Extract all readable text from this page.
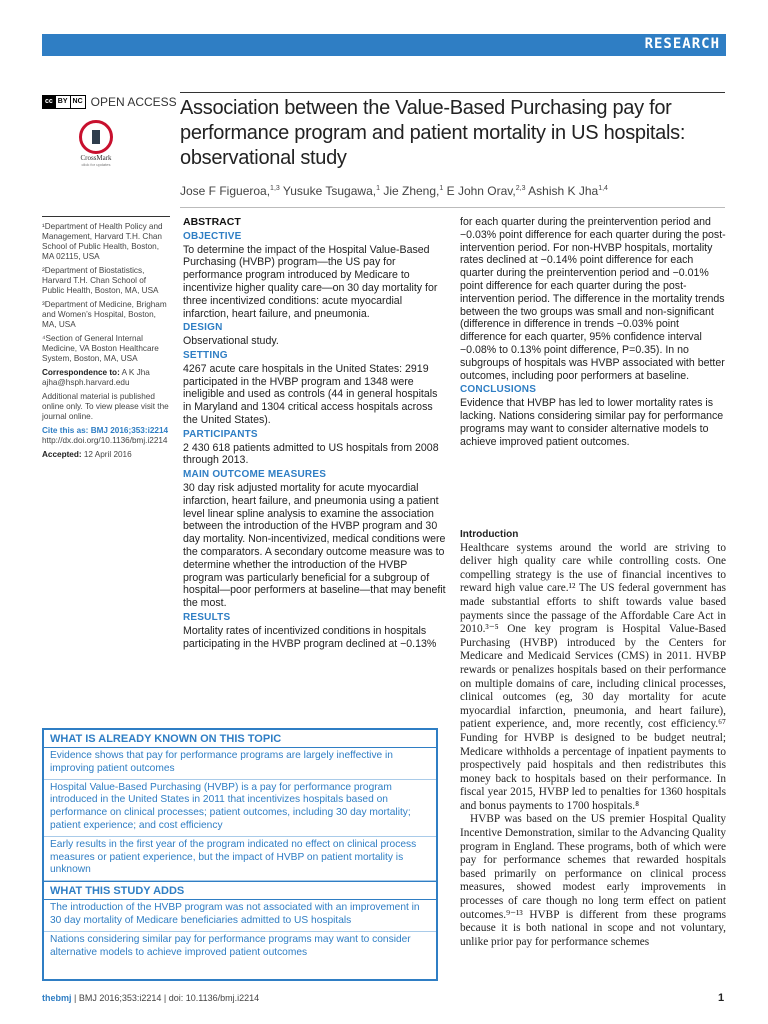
RESEARCH
cc BY NC OPEN ACCESS
CrossMark
click for updates
Association between the Value-Based Purchasing pay for performance program and patient mortality in US hospitals: observational study
Jose F Figueroa,$^{1,3}$ Yusuke Tsugawa,$^1$ Jie Zheng,$^1$ E John Orav,$^{2,3}$ Ashish K Jha$^{1,4}$

¹Department of Health Policy and Management, Harvard T.H. Chan School of Public Health, Boston, MA 02115, USA

²Department of Biostatistics, Harvard T.H. Chan School of Public Health, Boston, MA, USA

³Department of Medicine, Brigham and Women’s Hospital, Boston, MA, USA

⁴Section of General Internal Medicine, VA Boston Healthcare System, Boston, MA, USA

Correspondence to: A K Jha ajha@hsph.harvard.edu

Additional material is published online only. To view please visit the journal online.

Cite this as: BMJ 2016;353:i2214
http://dx.doi.org/10.1136/bmj.i2214

Accepted: 12 April 2016

ABSTRACT
OBJECTIVE
To determine the impact of the Hospital Value-Based Purchasing (HVBP) program—the US pay for performance program introduced by Medicare to incentivize higher quality care—on 30 day mortality for three incentivized conditions: acute myocardial infarction, heart failure, and pneumonia.
DESIGN
Observational study.
SETTING
4267 acute care hospitals in the United States: 2919 participated in the HVBP program and 1348 were ineligible and used as controls (44 in general hospitals in Maryland and 1304 critical access hospitals across the United States).
PARTICIPANTS
2 430 618 patients admitted to US hospitals from 2008 through 2013.
MAIN OUTCOME MEASURES
30 day risk adjusted mortality for acute myocardial infarction, heart failure, and pneumonia using a patient level linear spline analysis to examine the association between the introduction of the HVBP program and 30 day mortality. Non-incentivized, medical conditions were the comparators. A secondary outcome measure was to determine whether the introduction of the HVBP program was particularly beneficial for a subgroup of hospital—poor performers at baseline—that may benefit the most.
RESULTS
Mortality rates of incentivized conditions in hospitals participating in the HVBP program declined at −0.13%
for each quarter during the preintervention period and −0.03% point difference for each quarter during the post-intervention period. For non-HVBP hospitals, mortality rates declined at −0.14% point difference for each quarter during the preintervention period and −0.01% point difference for each quarter during the post-intervention period. The difference in the mortality trends between the two groups was small and non-significant (difference in difference in trends −0.03% point difference for each quarter, 95% confidence interval −0.08% to 0.13% point difference, P=0.35). In no subgroups of hospitals was HVBP associated with better outcomes, including poor performers at baseline.
CONCLUSIONS
Evidence that HVBP has led to lower mortality rates is lacking. Nations considering similar pay for performance programs may want to consider alternative models to achieve improved patient outcomes.
Introduction

Healthcare systems around the world are striving to deliver high quality care while controlling costs. One compelling strategy is the use of financial incentives to reward high value care.¹² The US federal government has made substantial efforts to shift towards value based payments since the passage of the Affordable Care Act in 2010.³⁻⁵ One key program is Hospital Value-Based Purchasing (HVBP) introduced by the Centers for Medicare and Medicaid Services (CMS) in 2011. HVBP rewards or penalizes hospitals based on their performance on multiple domains of care, including clinical processes, clinical outcomes (eg, 30 day mortality for acute myocardial infarction, pneumonia, and heart failure), patient experience, and, more recently, cost efficiency.⁶⁷ Funding for HVBP is designed to be budget neutral; Medicare withholds a percentage of inpatient payments to prospectively paid hospitals and then redistributes this money back to hospitals based on their performance. In fiscal year 2015, HVBP led to penalties for 1360 hospitals and bonus payments to 1700 hospitals.⁸

HVBP was based on the US premier Hospital Quality Incentive Demonstration, similar to the Advancing Quality program in England. These programs, both of which were pay for performance schemes that rewarded hospitals based primarily on performance on clinical process measures, showed modest early improvements in processes of care though no long term effect on patient outcomes.⁹⁻¹³ HVBP is different from these programs because it is both national in scope and not voluntary, unlike prior pay for performance schemes

WHAT IS ALREADY KNOWN ON THIS TOPIC
Evidence shows that pay for performance programs are largely ineffective in improving patient outcomes
Hospital Value-Based Purchasing (HVBP) is a pay for performance program introduced in the United States in 2011 that incentivizes hospitals based on performance on clinical processes; patient outcomes, including 30 day mortality; patient experience; and cost efficiency
Early results in the first year of the program indicated no effect on clinical process measures or patient experience, but the impact of HVBP on patient mortality is unknown
WHAT THIS STUDY ADDS
The introduction of the HVBP program was not associated with an improvement in 30 day mortality of Medicare beneficiaries admitted to US hospitals
Nations considering similar pay for performance programs may want to consider alternative models to achieve improved patient outcomes
thebmj | BMJ 2016;353:i2214 | doi: 10.1136/bmj.i2214	1
